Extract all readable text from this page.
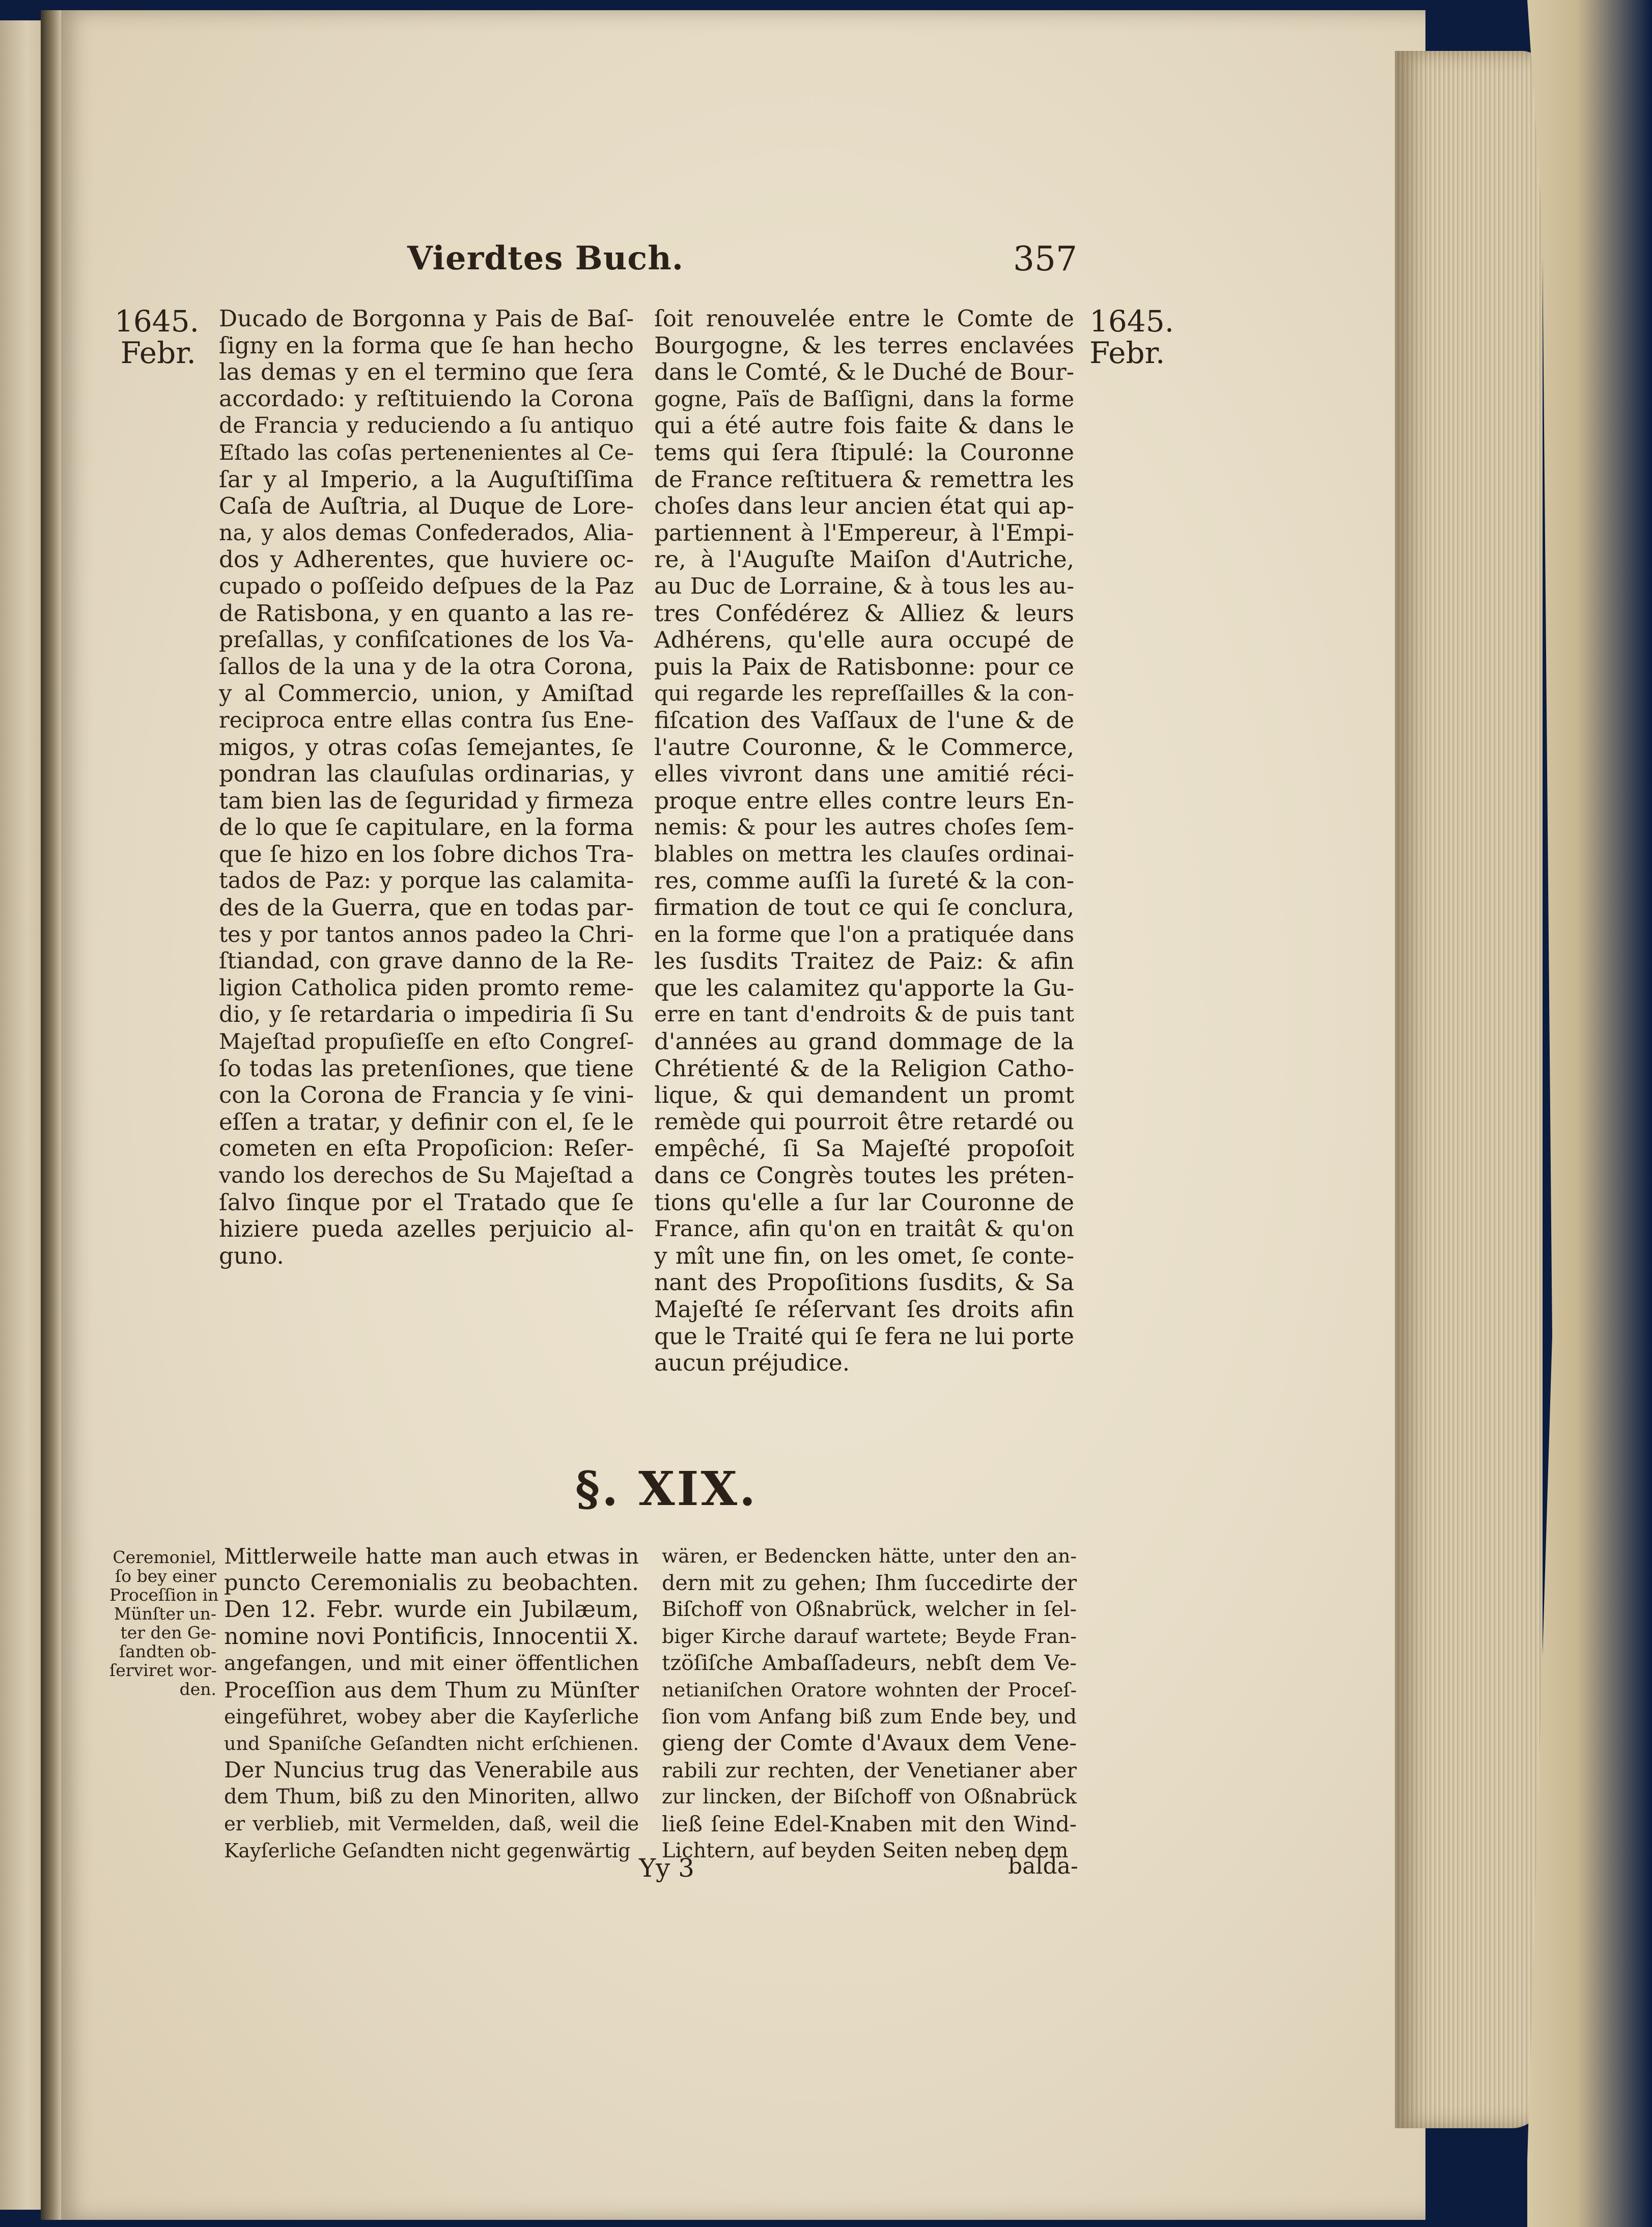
Vierdtes Buch.	357
1645.
Febr.
1645.
Febr.
Ducado de Borgonna y Pais de Baſ-
ſigny en la forma que ſe han hecho
las demas y en el termino que ſera
accordado: y reſtituiendo la Corona
de Francia y reduciendo a ſu antiquo
Eſtado las coſas pertenenientes al Ce-
ſar y al Imperio, a la Auguſtiſſima
Caſa de Auſtria, al Duque de Lore-
na, y alos demas Confederados, Alia-
dos y Adherentes, que huviere oc-
cupado o poſſeido deſpues de la Paz
de Ratisbona, y en quanto a las re-
preſallas, y confiſcationes de los Va-
ſallos de la una y de la otra Corona,
y al Commercio, union, y Amiſtad
reciproca entre ellas contra ſus Ene-
migos, y otras coſas ſemejantes, ſe
pondran las clauſulas ordinarias, y
tam bien las de ſeguridad y firmeza
de lo que ſe capitulare, en la forma
que ſe hizo en los ſobre dichos Tra-
tados de Paz: y porque las calamita-
des de la Guerra, que en todas par-
tes y por tantos annos padeo la Chri-
ſtiandad, con grave danno de la Re-
ligion Catholica piden promto reme-
dio, y ſe retardaria o impediria ſi Su
Majeſtad propuſieſſe en eſto Congreſ-
ſo todas las pretenſiones, que tiene
con la Corona de Francia y ſe vini-
eſſen a tratar, y definir con el, ſe le
cometen en eſta Propoſicion: Reſer-
vando los derechos de Su Majeſtad a
ſalvo ſinque por el Tratado que ſe
hiziere pueda azelles perjuicio al-
guno.
ſoit renouvelée entre le Comte de
Bourgogne, & les terres enclavées
dans le Comté, & le Duché de Bour-
gogne, Païs de Baſſigni, dans la forme
qui a été autre fois faite & dans le
tems qui ſera ſtipulé: la Couronne
de France reſtituera & remettra les
choſes dans leur ancien état qui ap-
partiennent à l'Empereur, à l'Empi-
re, à l'Auguſte Maiſon d'Autriche,
au Duc de Lorraine, & à tous les au-
tres Confédérez & Alliez & leurs
Adhérens, qu'elle aura occupé de
puis la Paix de Ratisbonne: pour ce
qui regarde les repreſſailles & la con-
fiſcation des Vaſſaux de l'une & de
l'autre Couronne, & le Commerce,
elles vivront dans une amitié réci-
proque entre elles contre leurs En-
nemis: & pour les autres choſes ſem-
blables on mettra les clauſes ordinai-
res, comme auſſi la ſureté & la con-
firmation de tout ce qui ſe conclura,
en la forme que l'on a pratiquée dans
les ſusdits Traitez de Paiz: & afin
que les calamitez qu'apporte la Gu-
erre en tant d'endroits & de puis tant
d'années au grand dommage de la
Chrétienté & de la Religion Catho-
lique, & qui demandent un promt
remède qui pourroit être retardé ou
empêché, ſi Sa Majeſté propoſoit
dans ce Congrès toutes les préten-
tions qu'elle a ſur lar Couronne de
France, afin qu'on en traitât & qu'on
y mît une fin, on les omet, ſe conte-
nant des Propoſitions ſusdits, & Sa
Majeſté ſe réſervant ſes droits afin
que le Traité qui ſe fera ne lui porte
aucun préjudice.
§. XIX.
Ceremoniel,
ſo bey einer
Proceſſion in
Münſter un-
ter den Ge-
ſandten ob-
ſerviret wor-
den.
Mittlerweile hatte man auch etwas in
puncto Ceremonialis zu beobachten.
Den 12. Febr. wurde ein Jubilæum,
nomine novi Pontificis, Innocentii X.
angefangen, und mit einer öffentlichen
Proceſſion aus dem Thum zu Münſter
eingeführet, wobey aber die Kayſerliche
und Spaniſche Geſandten nicht erſchienen.
Der Nuncius trug das Venerabile aus
dem Thum, biß zu den Minoriten, allwo
er verblieb, mit Vermelden, daß, weil die
Kayſerliche Geſandten nicht gegenwärtig
wären, er Bedencken hätte, unter den an-
dern mit zu gehen; Ihm ſuccedirte der
Biſchoff von Oßnabrück, welcher in ſel-
biger Kirche darauf wartete; Beyde Fran-
tzöſiſche Ambaſſadeurs, nebſt dem Ve-
netianiſchen Oratore wohnten der Proceſ-
ſion vom Anfang biß zum Ende bey, und
gieng der Comte d'Avaux dem Vene-
rabili zur rechten, der Venetianer aber
zur lincken, der Biſchoff von Oßnabrück
ließ ſeine Edel-Knaben mit den Wind-
Lichtern, auf beyden Seiten neben dem
Yy 3	balda-
